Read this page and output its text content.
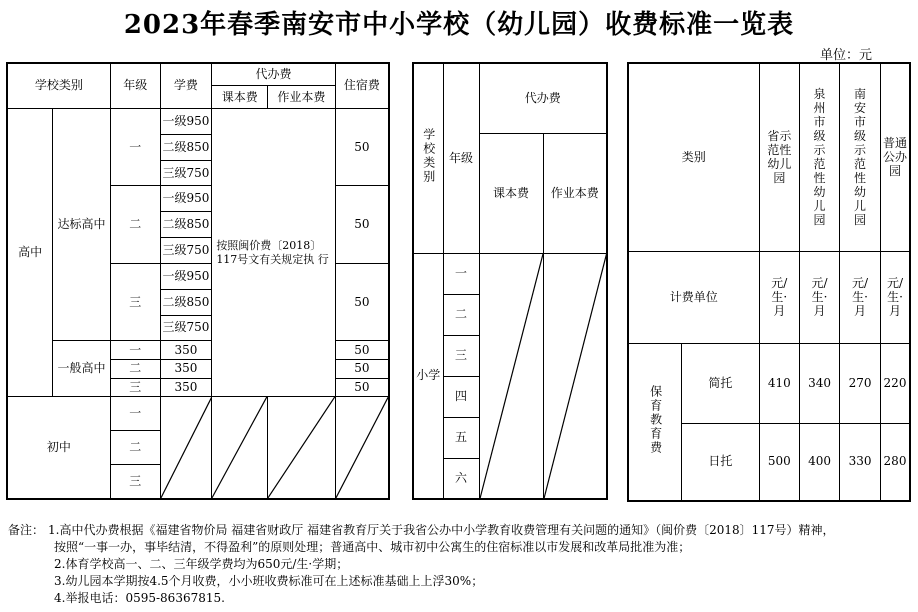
2023年春季南安市中小学校（幼儿园）收费标准一览表
单位：元
学校类别		年级	学费	代办费		住宿费
				课本费	作业本费	
高中	达标高中	一	一级950	按照闽价费〔2018〕117号文有关规定执 行		50
			二级850			
			三级750			
		二	一级950			50
			二级850			
			三级750			
		三	一级950			50
			二级850			
			三级750			
	一般高中	一	350			50
		二	350			50
		三	350			50
初中		一	

		二				
		三				
学校类别	年级	代办费	
		课本费	作业本费
小学	一	

	二		
	三		
	四		
	五		
	六		
类别		省示范性幼儿园	泉州市级示范性幼儿园	南安市级示范性幼儿园	普通公办园
计费单位		元/生·月	元/生·月	元/生·月	元/生·月
保育教育费	简托	410	340	270	220
	日托	500	400	330	280
备注： 1.高中代办费根据《福建省物价局 福建省财政厅 福建省教育厅关于我省公办中小学教育收费管理有关问题的通知》（闽价费〔2018〕117号）精神，
按照“一事一办，事毕结清，不得盈利”的原则处理；普通高中、城市初中公寓生的住宿标准以市发展和改革局批准为准；
2.体育学校高一、二、三年级学费均为650元/生·学期；
3.幼儿园本学期按4.5个月收费，小小班收费标准可在上述标准基础上上浮30%；
4.举报电话：0595-86367815.
